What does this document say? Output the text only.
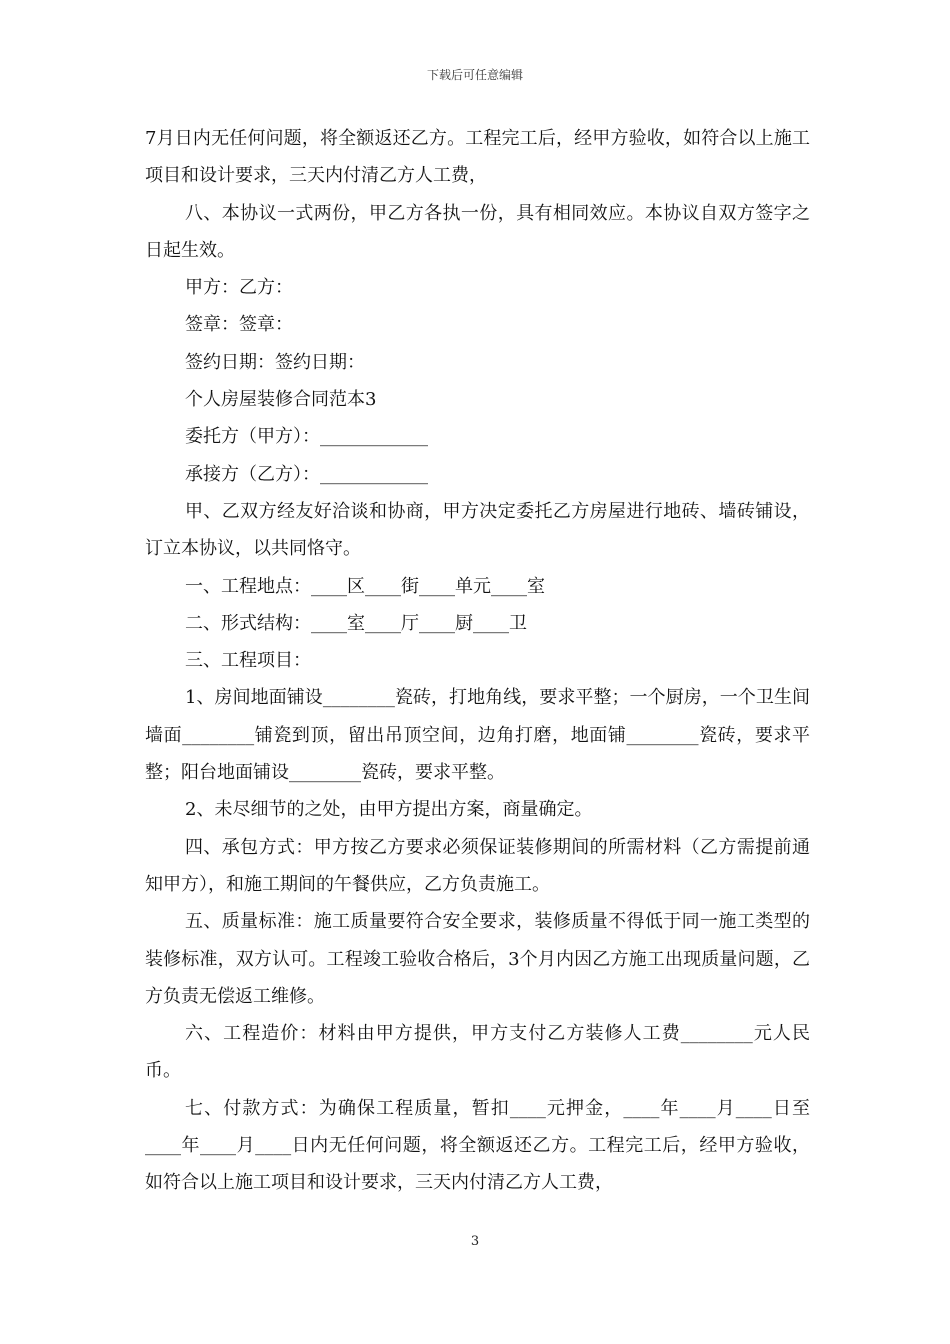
下载后可任意编辑

7月日内无任何问题，将全额返还乙方。工程完工后，经甲方验收，如符合以上施工项目和设计要求，三天内付清乙方人工费，

八、本协议一式两份，甲乙方各执一份，具有相同效应。本协议自双方签字之日起生效。

甲方：乙方：

签章：签章：

签约日期：签约日期：

个人房屋装修合同范本3

委托方（甲方）：____________

承接方（乙方）：____________

甲、乙双方经友好洽谈和协商，甲方决定委托乙方房屋进行地砖、墙砖铺设，订立本协议，以共同恪守。

一、工程地点：____区____街____单元____室

二、形式结构：____室____厅____厨____卫

三、工程项目：

1、房间地面铺设________瓷砖，打地角线，要求平整；一个厨房，一个卫生间墙面________铺瓷到顶，留出吊顶空间，边角打磨，地面铺________瓷砖，要求平整；阳台地面铺设________瓷砖，要求平整。

2、未尽细节的之处，由甲方提出方案，商量确定。

四、承包方式：甲方按乙方要求必须保证装修期间的所需材料（乙方需提前通知甲方），和施工期间的午餐供应，乙方负责施工。

五、质量标准：施工质量要符合安全要求，装修质量不得低于同一施工类型的装修标准，双方认可。工程竣工验收合格后，3个月内因乙方施工出现质量问题，乙方负责无偿返工维修。

六、工程造价：材料由甲方提供，甲方支付乙方装修人工费________元人民币。

七、付款方式：为确保工程质量，暂扣____元押金，____年____月____日至____年____月____日内无任何问题，将全额返还乙方。工程完工后，经甲方验收，如符合以上施工项目和设计要求，三天内付清乙方人工费，

3
